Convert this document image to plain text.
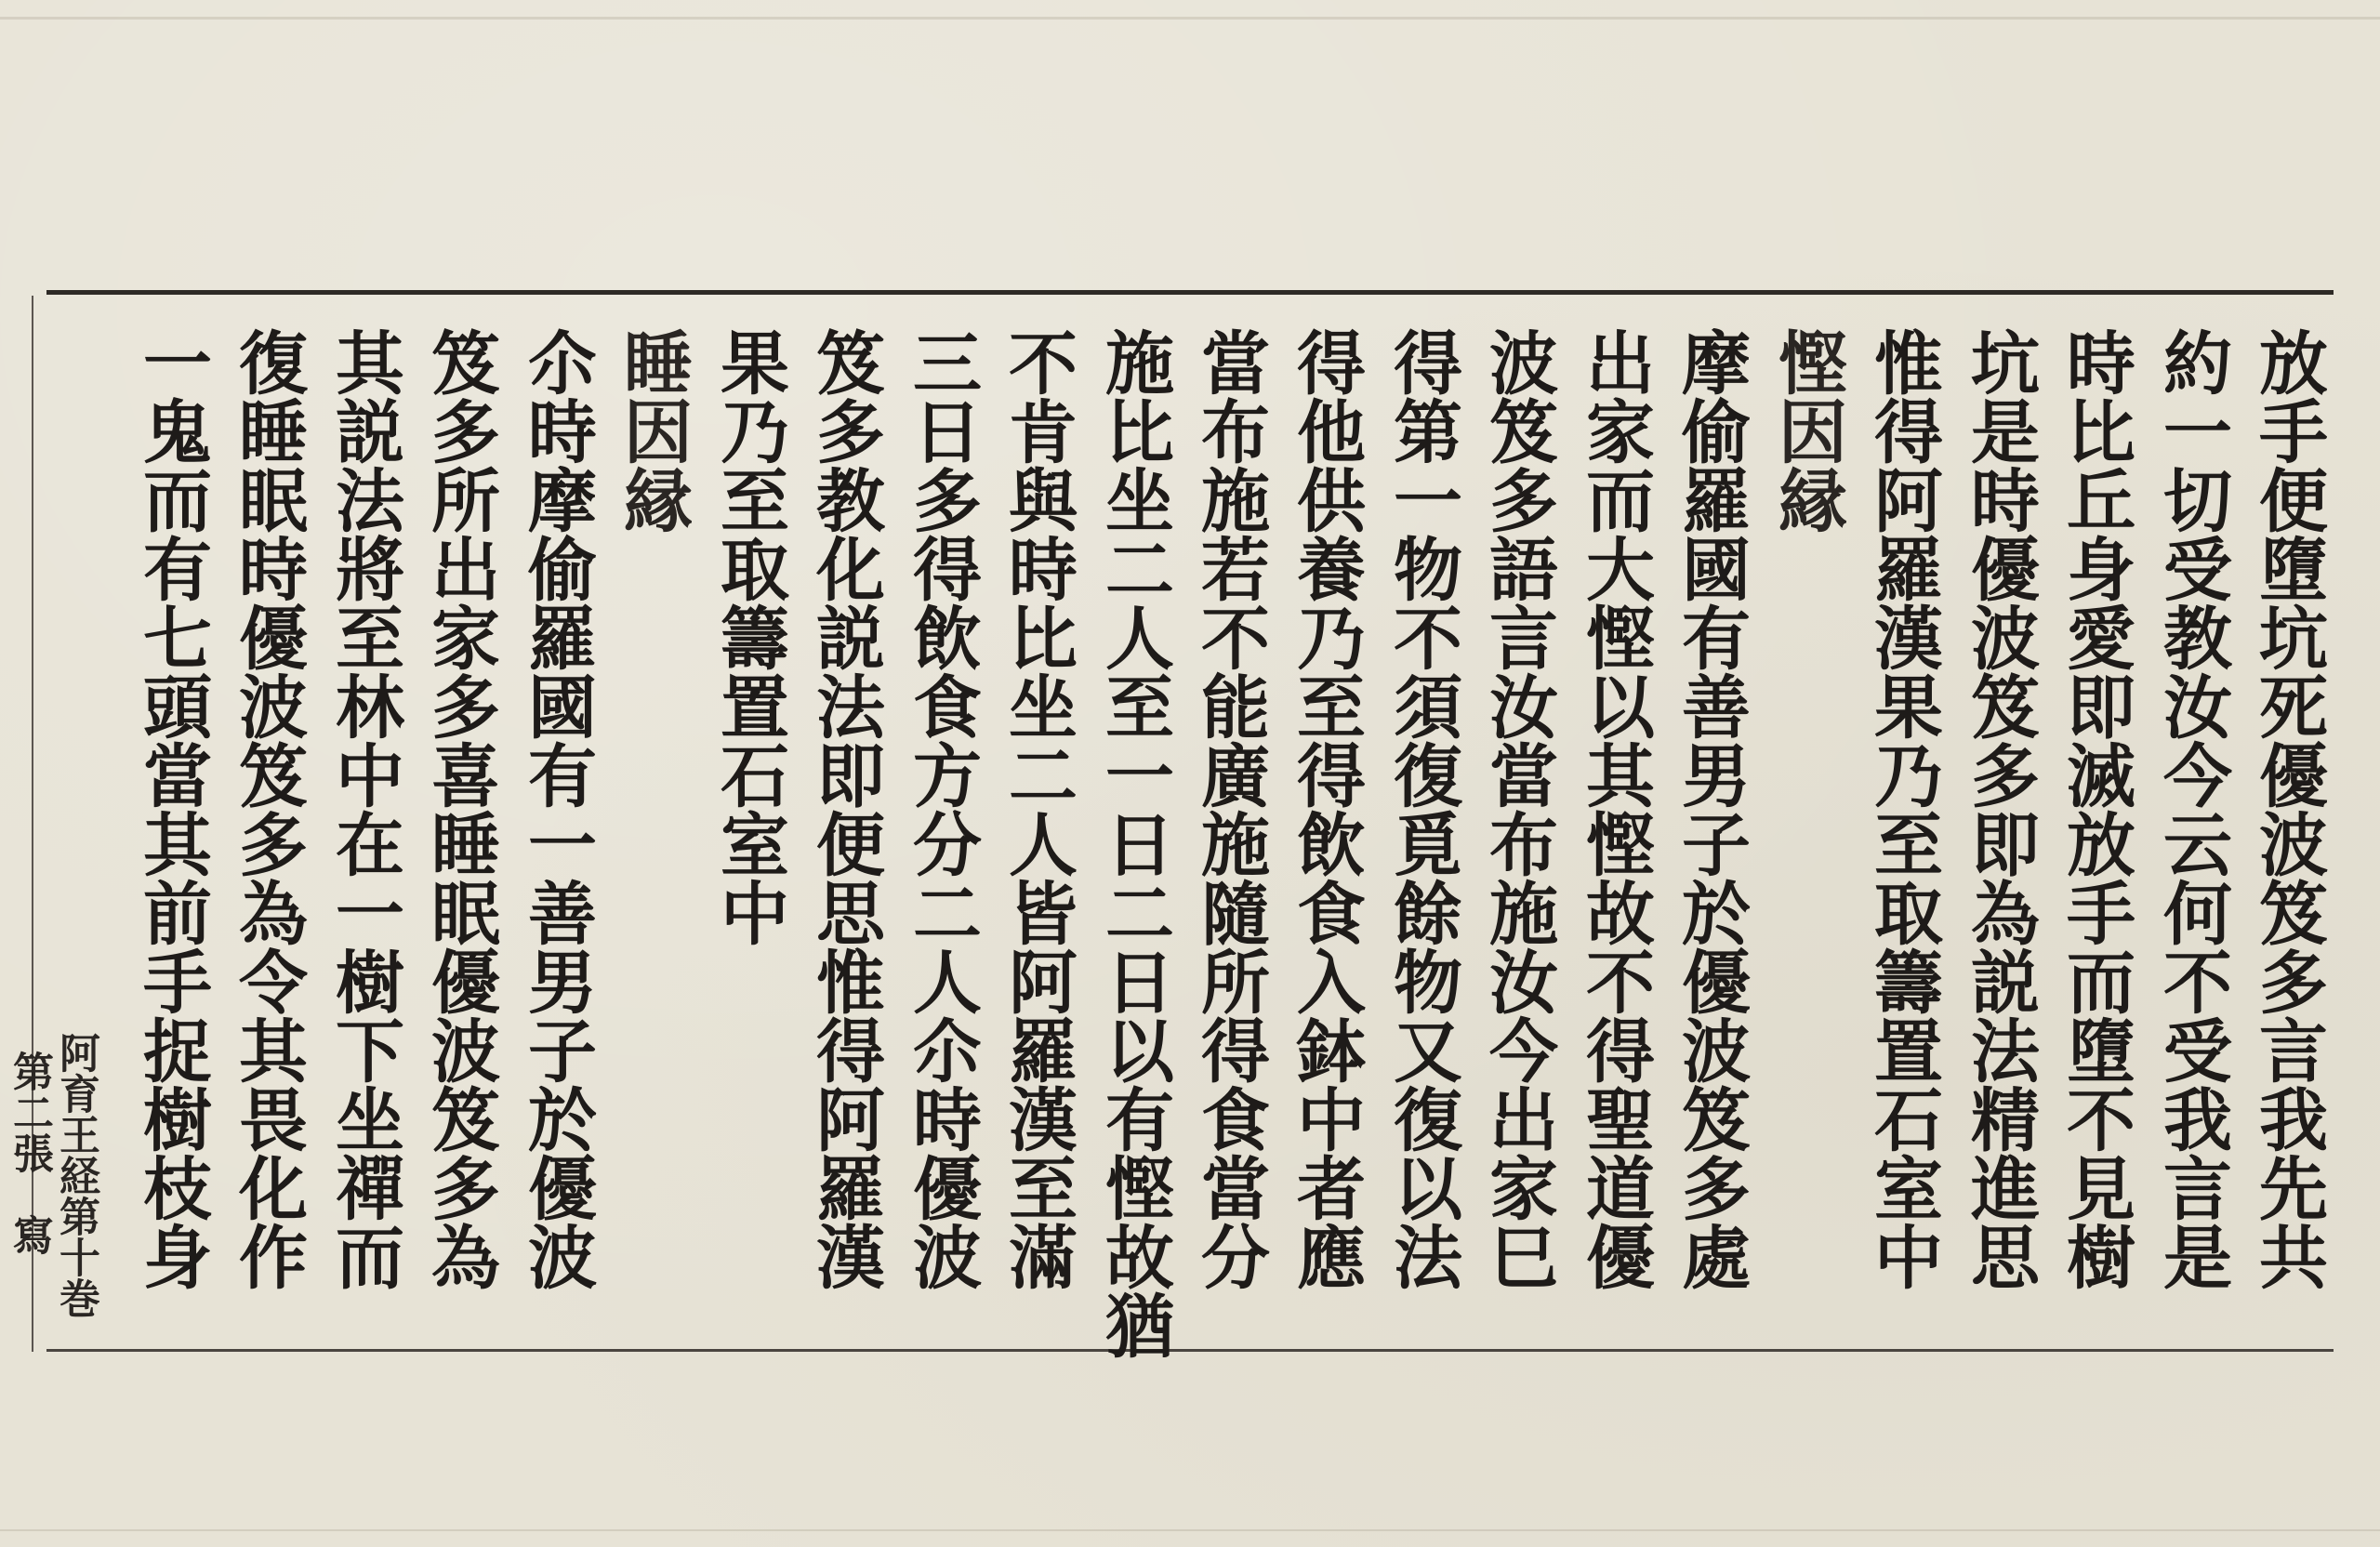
放手便墮坑死優波笈多言我先共
約一切受教汝今云何不受我言是
時比丘身愛即滅放手而墮不見樹
坑是時優波笈多即為説法精進思
惟得阿羅漢果乃至取籌置石室中
慳因縁
摩偷羅國有善男子於優波笈多處
出家而大慳以其慳故不得聖道優
波笈多語言汝當布施汝今出家巳
得第一物不須復覓餘物又復以法
得他供養乃至得飲食入鉢中者應
當布施若不能廣施隨所得食當分
施比坐二人至一日二日以有慳故猶
不肯與時比坐二人皆阿羅漢至滿
三日多得飲食方分二人尒時優波
笈多教化説法即便思惟得阿羅漢
果乃至取籌置石室中
睡因縁
尒時摩偷羅國有一善男子於優波
笈多所出家多喜睡眠優波笈多為
其説法將至林中在一樹下坐禪而
復睡眠時優波笈多為令其畏化作
一鬼而有七頭當其前手捉樹枝身
阿育王経第十巻
第二張　寫
